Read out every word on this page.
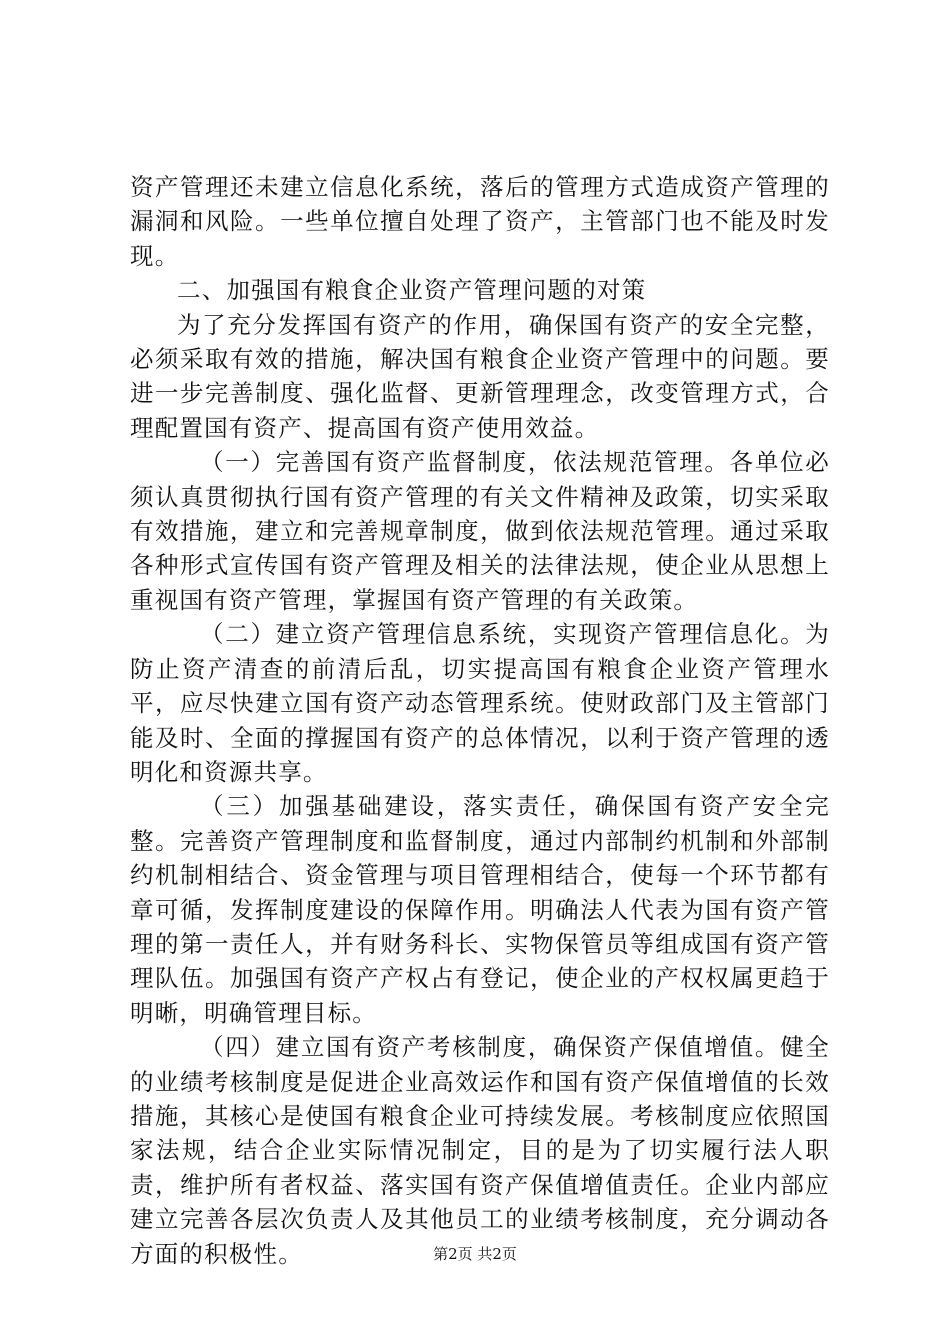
资产管理还未建立信息化系统，落后的管理方式造成资产管理的漏洞和风险。一些单位擅自处理了资产，主管部门也不能及时发现。

二、加强国有粮食企业资产管理问题的对策

为了充分发挥国有资产的作用，确保国有资产的安全完整，必须采取有效的措施，解决国有粮食企业资产管理中的问题。要进一步完善制度、强化监督、更新管理理念，改变管理方式，合理配置国有资产、提高国有资产使用效益。

（一）完善国有资产监督制度，依法规范管理。各单位必须认真贯彻执行国有资产管理的有关文件精神及政策，切实采取有效措施，建立和完善规章制度，做到依法规范管理。通过采取各种形式宣传国有资产管理及相关的法律法规，使企业从思想上重视国有资产管理，掌握国有资产管理的有关政策。

（二）建立资产管理信息系统，实现资产管理信息化。为防止资产清查的前清后乱，切实提高国有粮食企业资产管理水平，应尽快建立国有资产动态管理系统。使财政部门及主管部门能及时、全面的撑握国有资产的总体情况，以利于资产管理的透明化和资源共享。

（三）加强基础建设，落实责任，确保国有资产安全完整。完善资产管理制度和监督制度，通过内部制约机制和外部制约机制相结合、资金管理与项目管理相结合，使每一个环节都有章可循，发挥制度建设的保障作用。明确法人代表为国有资产管理的第一责任人，并有财务科长、实物保管员等组成国有资产管理队伍。加强国有资产产权占有登记，使企业的产权权属更趋于明晰，明确管理目标。

（四）建立国有资产考核制度，确保资产保值增值。健全的业绩考核制度是促进企业高效运作和国有资产保值增值的长效措施，其核心是使国有粮食企业可持续发展。考核制度应依照国家法规，结合企业实际情况制定，目的是为了切实履行法人职责，维护所有者权益、落实国有资产保值增值责任。企业内部应建立完善各层次负责人及其他员工的业绩考核制度，充分调动各方面的积极性。	第2页 共2页
